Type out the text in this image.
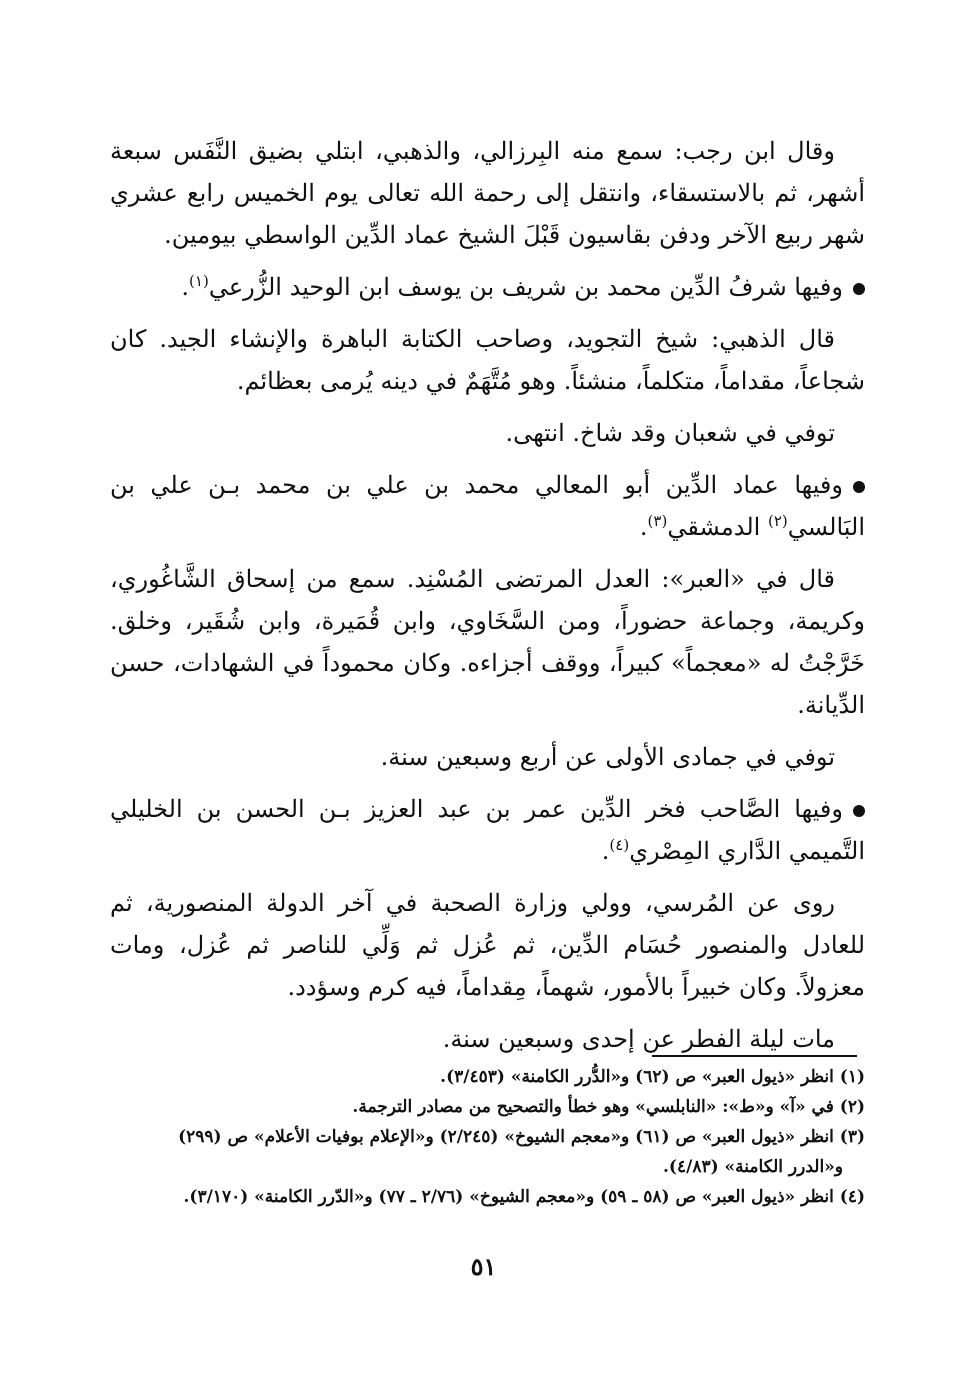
وقال ابن رجب: سمع منه البِرزالي، والذهبي، ابتلي بضيق النَّفَس سبعة أشهر، ثم بالاستسقاء، وانتقل إلى رحمة الله تعالى يوم الخميس رابع عشري شهر ربيع الآخر ودفن بقاسيون قَبْلَ الشيخ عماد الدِّين الواسطي بيومين.

وفيها شرفُ الدِّين محمد بن شريف بن يوسف ابن الوحيد الزُّرعي$^{(١)}$.

قال الذهبي: شيخ التجويد، وصاحب الكتابة الباهرة والإنشاء الجيد. كان شجاعاً، مقداماً، متكلماً، منشئاً. وهو مُتَّهَمٌ في دينه يُرمى بعظائم.

توفي في شعبان وقد شاخ. انتهى.

وفيها عماد الدِّين أبو المعالي محمد بن علي بن محمد بـن علي بن البَالسي$^{(٢)}$ الدمشقي$^{(٣)}$.

قال في «العبر»: العدل المرتضى المُسْنِد. سمع من إسحاق الشَّاغُوري، وكريمة، وجماعة حضوراً، ومن السَّخَاوي، وابن قُمَيرة، وابن شُقَير، وخلق. خَرَّجْتُ له «معجماً» كبيراً، ووقف أجزاءه. وكان محموداً في الشهادات، حسن الدِّيانة.

توفي في جمادى الأولى عن أربع وسبعين سنة.

وفيها الصَّاحب فخر الدِّين عمر بن عبد العزيز بـن الحسن بن الخليلي التَّميمي الدَّاري المِصْري$^{(٤)}$.

روى عن المُرسي، وولي وزارة الصحبة في آخر الدولة المنصورية، ثم للعادل والمنصور حُسَام الدِّين، ثم عُزل ثم وَلِّي للناصر ثم عُزل، ومات معزولاً. وكان خبيراً بالأمور، شهماً، مِقداماً، فيه كرم وسؤدد.

مات ليلة الفطر عن إحدى وسبعين سنة.

(١) انظر «ذيول العبر» ص (٦٢) و«الدُّرر الكامنة» (٣/٤٥٣).

(٢) في «آ» و«ط»: «النابلسي» وهو خطأ والتصحيح من مصادر الترجمة.

(٣) انظر «ذيول العبر» ص (٦١) و«معجم الشيوخ» (٢/٢٤٥) و«الإعلام بوفيات الأعلام» ص (٢٩٩)

و«الدرر الكامنة» (٤/٨٣).

(٤) انظر «ذيول العبر» ص (٥٨ ـ ٥٩) و«معجم الشيوخ» (٢/٧٦ ـ ٧٧) و«الدّرر الكامنة» (٣/١٧٠).

٥١
